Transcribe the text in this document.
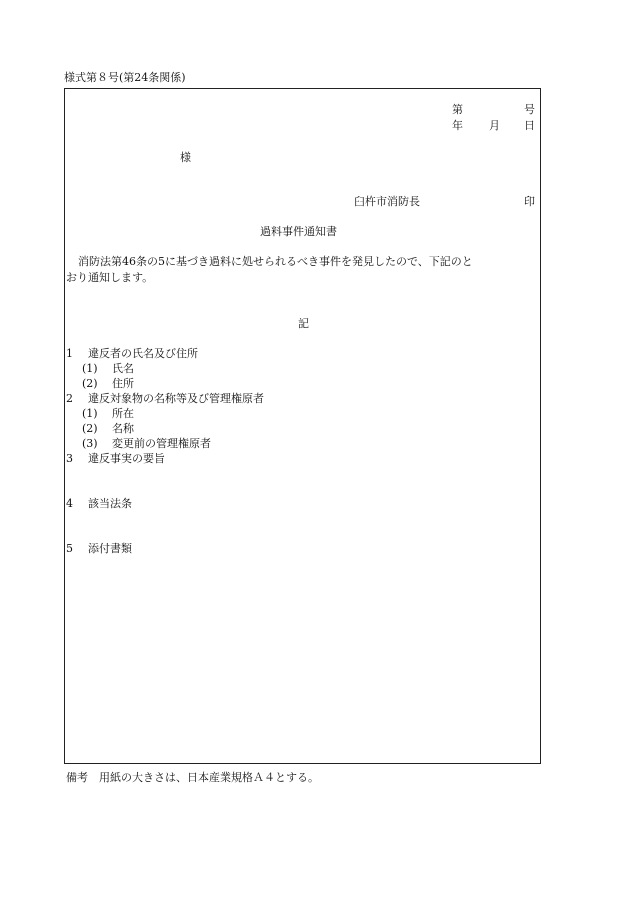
様式第８号(第24条関係)
第	号
年 月 日
様
臼杵市消防長	印
過料事件通知書
消防法第46条の5に基づき過料に処せられるべき事件を発見したので、下記のと
おり通知します。
記
1 違反者の氏名及び住所
(1) 氏名
(2) 住所
2 違反対象物の名称等及び管理権原者
(1) 所在
(2) 名称
(3) 変更前の管理権原者
3 違反事実の要旨
4 該当法条
5 添付書類
備考　用紙の大きさは、日本産業規格Ａ４とする。
